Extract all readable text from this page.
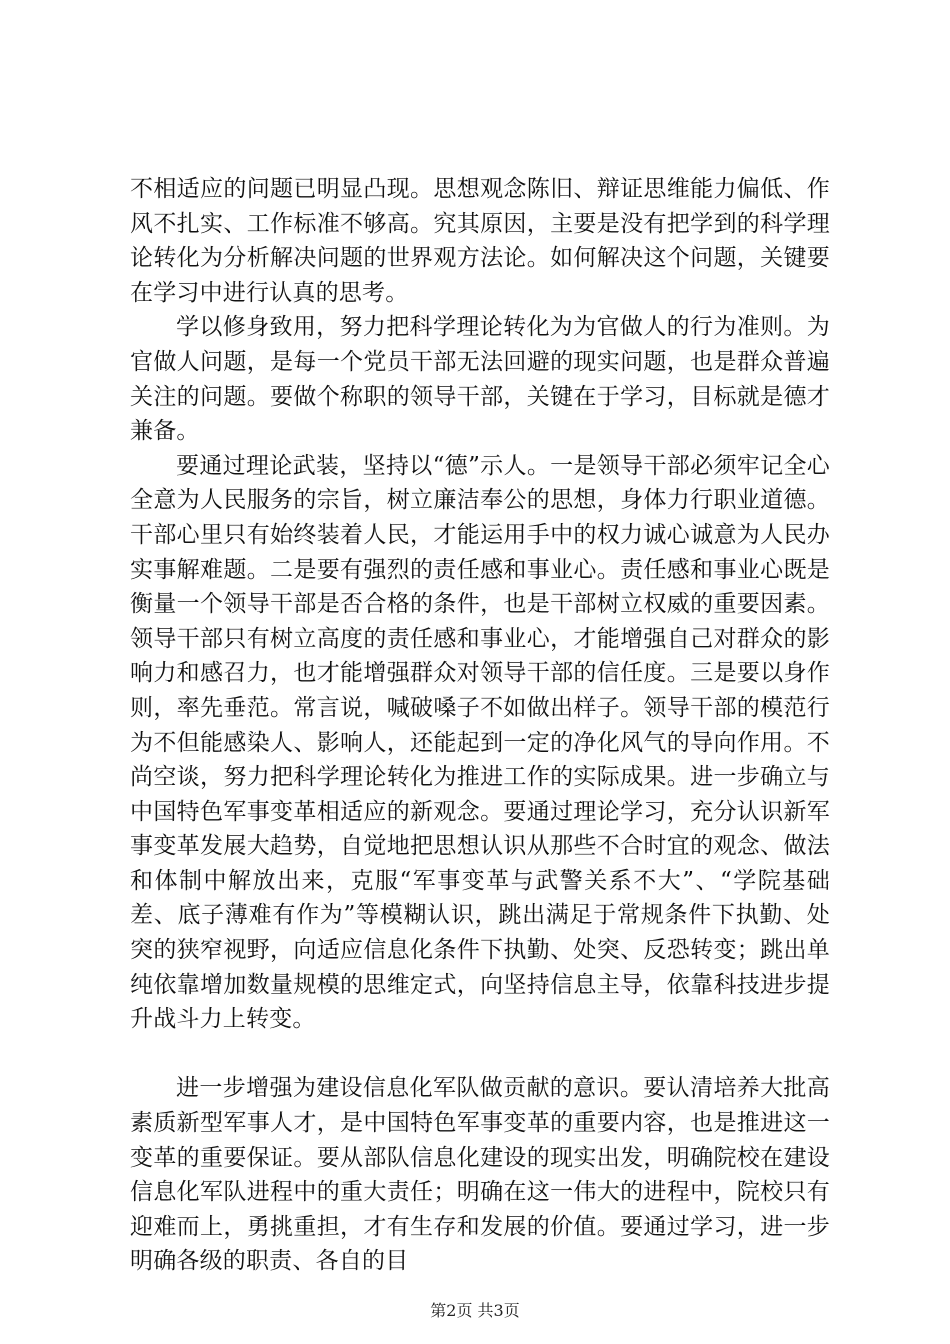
不相适应的问题已明显凸现。思想观念陈旧、辩证思维能力偏低、作风不扎实、工作标准不够高。究其原因，主要是没有把学到的科学理论转化为分析解决问题的世界观方法论。如何解决这个问题，关键要在学习中进行认真的思考。

学以修身致用，努力把科学理论转化为为官做人的行为准则。为官做人问题，是每一个党员干部无法回避的现实问题，也是群众普遍关注的问题。要做个称职的领导干部，关键在于学习，目标就是德才兼备。

要通过理论武装，坚持以“德”示人。一是领导干部必须牢记全心全意为人民服务的宗旨，树立廉洁奉公的思想，身体力行职业道德。干部心里只有始终装着人民，才能运用手中的权力诚心诚意为人民办实事解难题。二是要有强烈的责任感和事业心。责任感和事业心既是衡量一个领导干部是否合格的条件，也是干部树立权威的重要因素。领导干部只有树立高度的责任感和事业心，才能增强自己对群众的影响力和感召力，也才能增强群众对领导干部的信任度。三是要以身作则，率先垂范。常言说，喊破嗓子不如做出样子。领导干部的模范行为不但能感染人、影响人，还能起到一定的净化风气的导向作用。不尚空谈，努力把科学理论转化为推进工作的实际成果。进一步确立与中国特色军事变革相适应的新观念。要通过理论学习，充分认识新军事变革发展大趋势，自觉地把思想认识从那些不合时宜的观念、做法和体制中解放出来，克服“军事变革与武警关系不大”、“学院基础差、底子薄难有作为”等模糊认识，跳出满足于常规条件下执勤、处突的狭窄视野，向适应信息化条件下执勤、处突、反恐转变；跳出单纯依靠增加数量规模的思维定式，向坚持信息主导，依靠科技进步提升战斗力上转变。

进一步增强为建设信息化军队做贡献的意识。要认清培养大批高素质新型军事人才，是中国特色军事变革的重要内容，也是推进这一变革的重要保证。要从部队信息化建设的现实出发，明确院校在建设信息化军队进程中的重大责任；明确在这一伟大的进程中，院校只有迎难而上，勇挑重担，才有生存和发展的价值。要通过学习，进一步明确各级的职责、各自的目

第2页 共3页
